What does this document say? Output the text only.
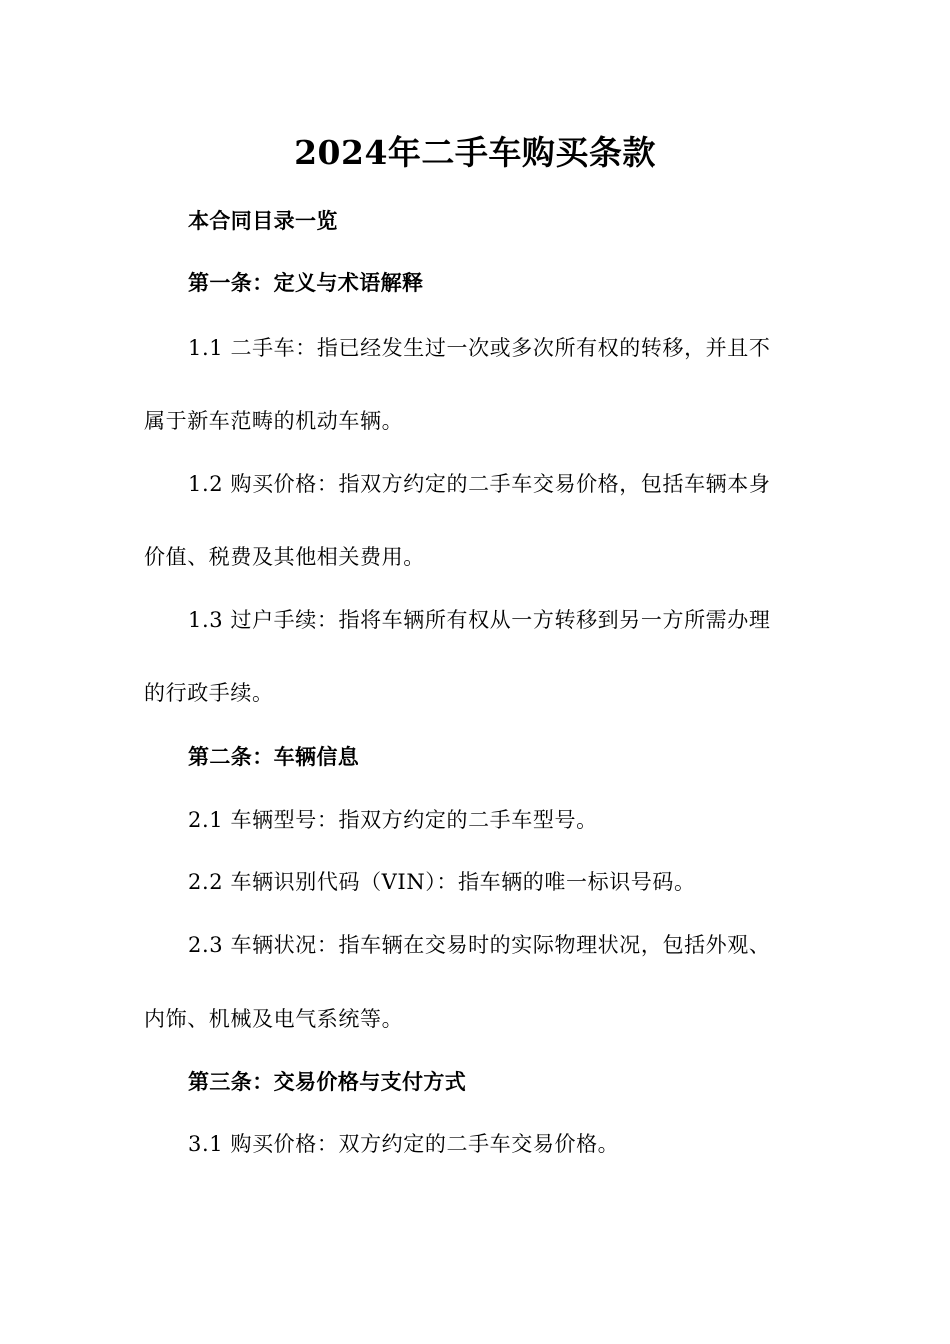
2024年二手车购买条款

本合同目录一览

第一条：定义与术语解释

1.1 二手车：指已经发生过一次或多次所有权的转移，并且不

属于新车范畴的机动车辆。

1.2 购买价格：指双方约定的二手车交易价格，包括车辆本身

价值、税费及其他相关费用。

1.3 过户手续：指将车辆所有权从一方转移到另一方所需办理

的行政手续。

第二条：车辆信息

2.1 车辆型号：指双方约定的二手车型号。

2.2 车辆识别代码（VIN）：指车辆的唯一标识号码。

2.3 车辆状况：指车辆在交易时的实际物理状况，包括外观、

内饰、机械及电气系统等。

第三条：交易价格与支付方式

3.1 购买价格：双方约定的二手车交易价格。
